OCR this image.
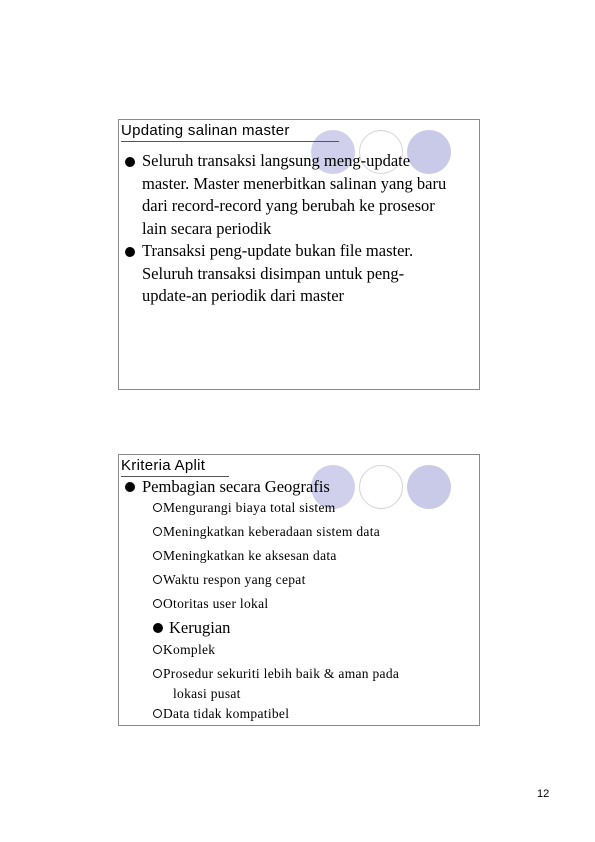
Updating salinan master
Seluruh transaksi langsung meng-update master. Master menerbitkan salinan yang baru dari record-record yang berubah ke prosesor lain secara periodik
Transaksi peng-update bukan file master. Seluruh transaksi disimpan untuk peng-update-an periodik dari master
Kriteria Aplit
Pembagian secara Geografis
Mengurangi biaya total sistem
Meningkatkan keberadaan sistem data
Meningkatkan ke aksesan data
Waktu respon yang cepat
Otoritas user lokal
Kerugian
Komplek
Prosedur sekuriti lebih baik & aman pada
lokasi pusat
Data tidak kompatibel
12
